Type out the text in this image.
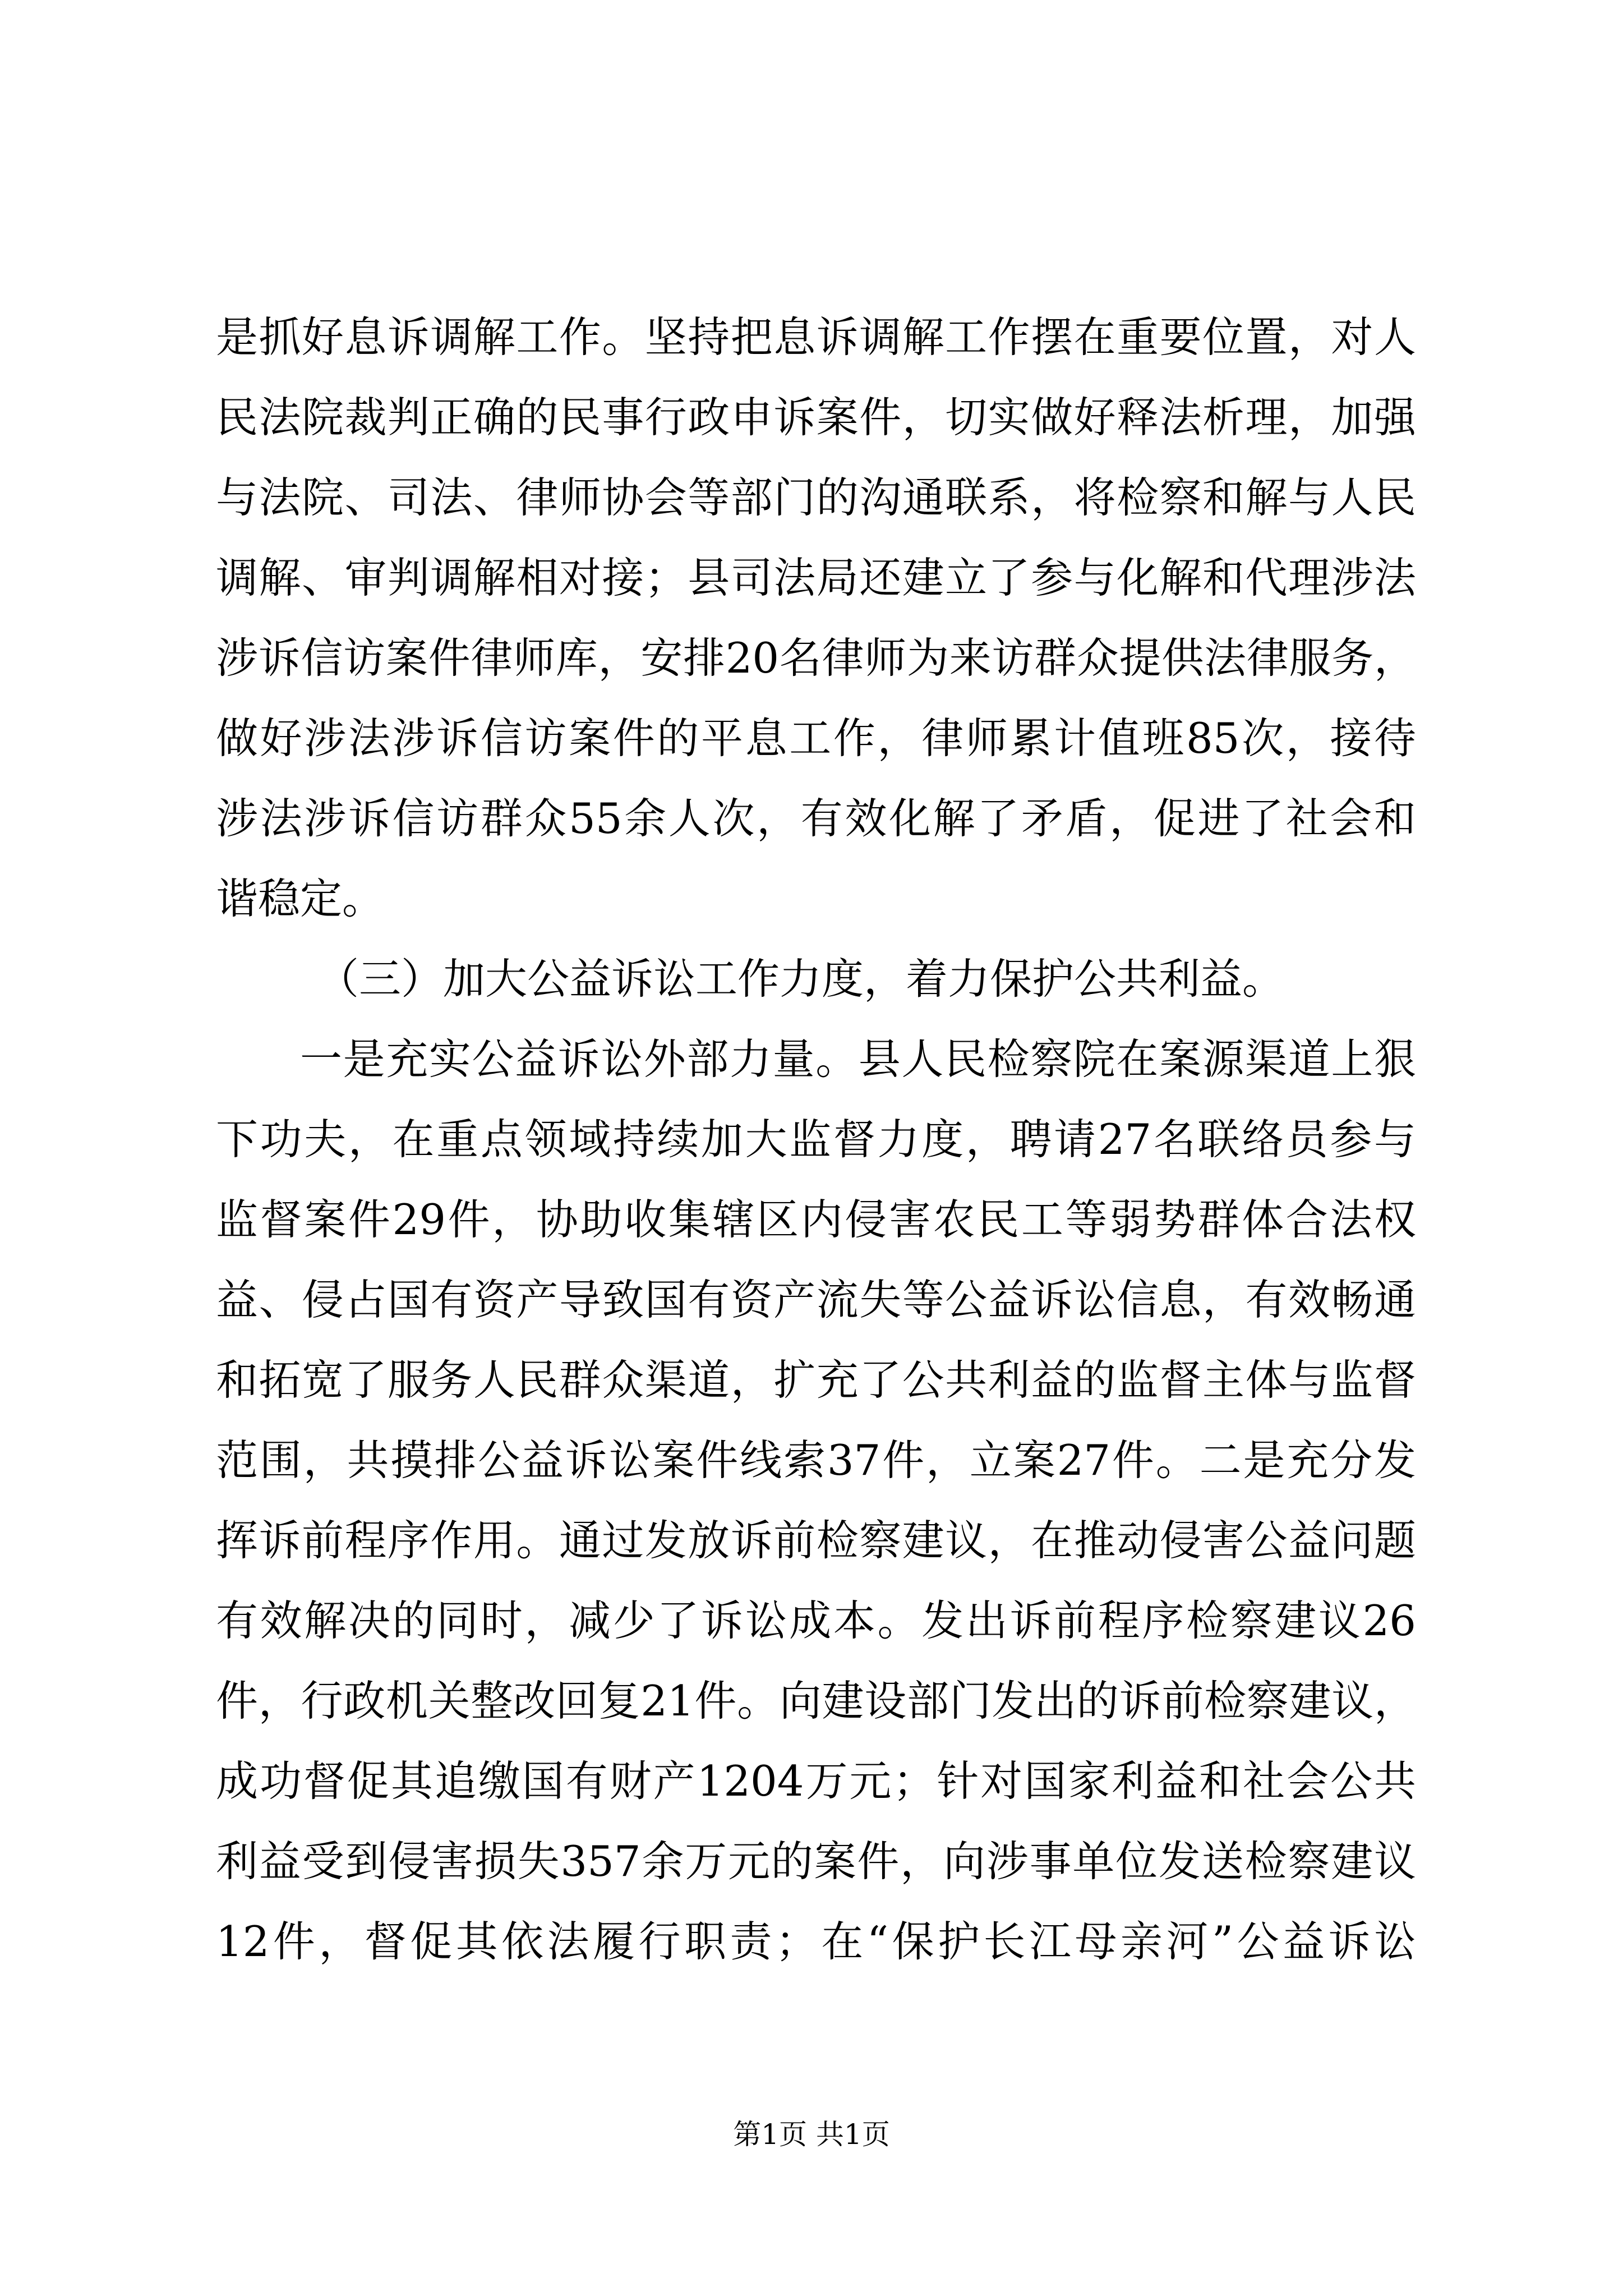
是抓好息诉调解工作。坚持把息诉调解工作摆在重要位置，对人
民法院裁判正确的民事行政申诉案件，切实做好释法析理，加强
与法院、司法、律师协会等部门的沟通联系，将检察和解与人民
调解、审判调解相对接；县司法局还建立了参与化解和代理涉法
涉诉信访案件律师库，安排20名律师为来访群众提供法律服务，
做好涉法涉诉信访案件的平息工作，律师累计值班85次，接待
涉法涉诉信访群众55余人次，有效化解了矛盾，促进了社会和
谐稳定。
（三）加大公益诉讼工作力度，着力保护公共利益。
一是充实公益诉讼外部力量。县人民检察院在案源渠道上狠
下功夫，在重点领域持续加大监督力度，聘请27名联络员参与
监督案件29件，协助收集辖区内侵害农民工等弱势群体合法权
益、侵占国有资产导致国有资产流失等公益诉讼信息，有效畅通
和拓宽了服务人民群众渠道，扩充了公共利益的监督主体与监督
范围，共摸排公益诉讼案件线索37件，立案27件。二是充分发
挥诉前程序作用。通过发放诉前检察建议，在推动侵害公益问题
有效解决的同时，减少了诉讼成本。发出诉前程序检察建议26
件，行政机关整改回复21件。向建设部门发出的诉前检察建议，
成功督促其追缴国有财产1204万元；针对国家利益和社会公共
利益受到侵害损失357余万元的案件，向涉事单位发送检察建议
12件，督促其依法履行职责；在“保护长江母亲河”公益诉讼
第1页 共1页
